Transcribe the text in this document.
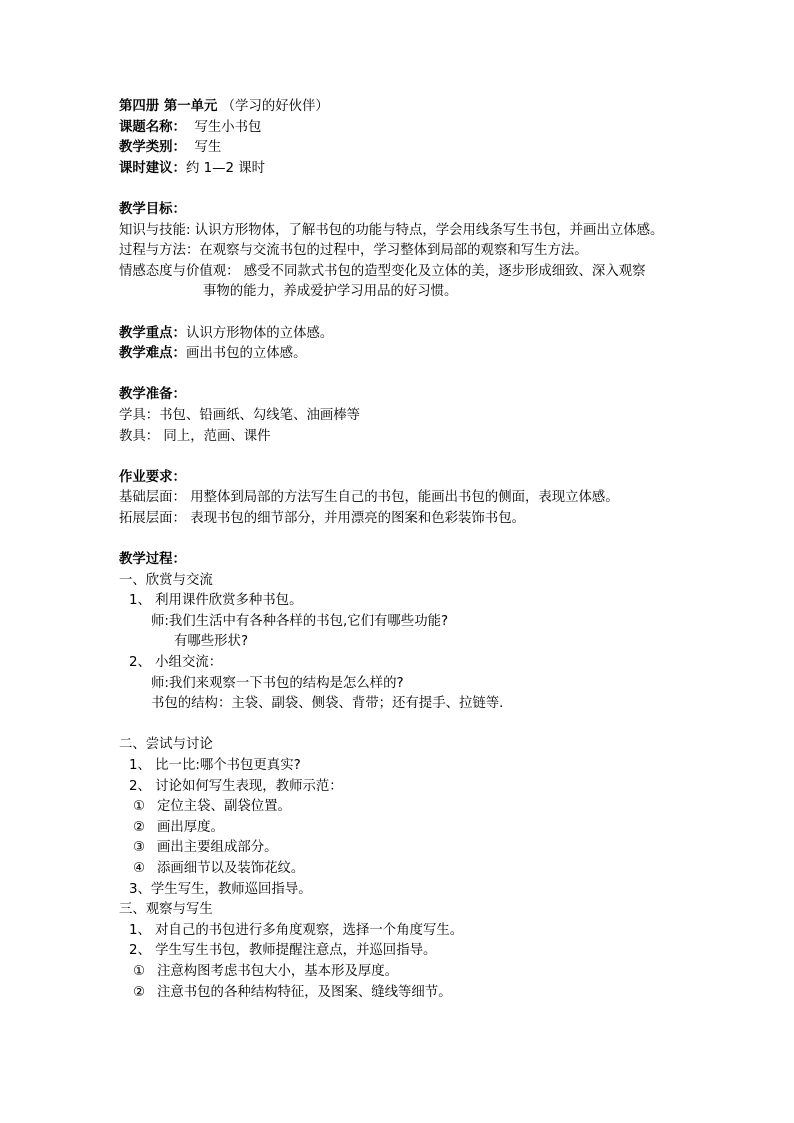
第四册 第一单元 （学习的好伙伴）
课题名称： 写生小书包
教学类别： 写生
课时建议：约 1—2 课时
教学目标：
知识与技能: 认识方形物体，了解书包的功能与特点，学会用线条写生书包，并画出立体感。
过程与方法：在观察与交流书包的过程中，学习整体到局部的观察和写生方法。
情感态度与价值观： 感受不同款式书包的造型变化及立体的美，逐步形成细致、深入观察
事物的能力，养成爱护学习用品的好习惯。
教学重点：认识方形物体的立体感。
教学难点：画出书包的立体感。
教学准备：
学具：书包、铅画纸、勾线笔、油画棒等
教具： 同上，范画、课件
作业要求：
基础层面： 用整体到局部的方法写生自己的书包，能画出书包的侧面，表现立体感。
拓展层面： 表现书包的细节部分，并用漂亮的图案和色彩装饰书包。
教学过程：
一、欣赏与交流
1、 利用课件欣赏多种书包。
师:我们生活中有各种各样的书包,它们有哪些功能?
有哪些形状?
2、 小组交流：
师:我们来观察一下书包的结构是怎么样的?
书包的结构：主袋、副袋、侧袋、背带；还有提手、拉链等.
二、尝试与讨论
1、 比一比:哪个书包更真实?
2、 讨论如何写生表现，教师示范：
① 定位主袋、副袋位置。
② 画出厚度。
③ 画出主要组成部分。
④ 添画细节以及装饰花纹。
3、学生写生，教师巡回指导。
三、观察与写生
1、 对自己的书包进行多角度观察，选择一个角度写生。
2、 学生写生书包，教师提醒注意点，并巡回指导。
① 注意构图考虑书包大小，基本形及厚度。
② 注意书包的各种结构特征，及图案、缝线等细节。
